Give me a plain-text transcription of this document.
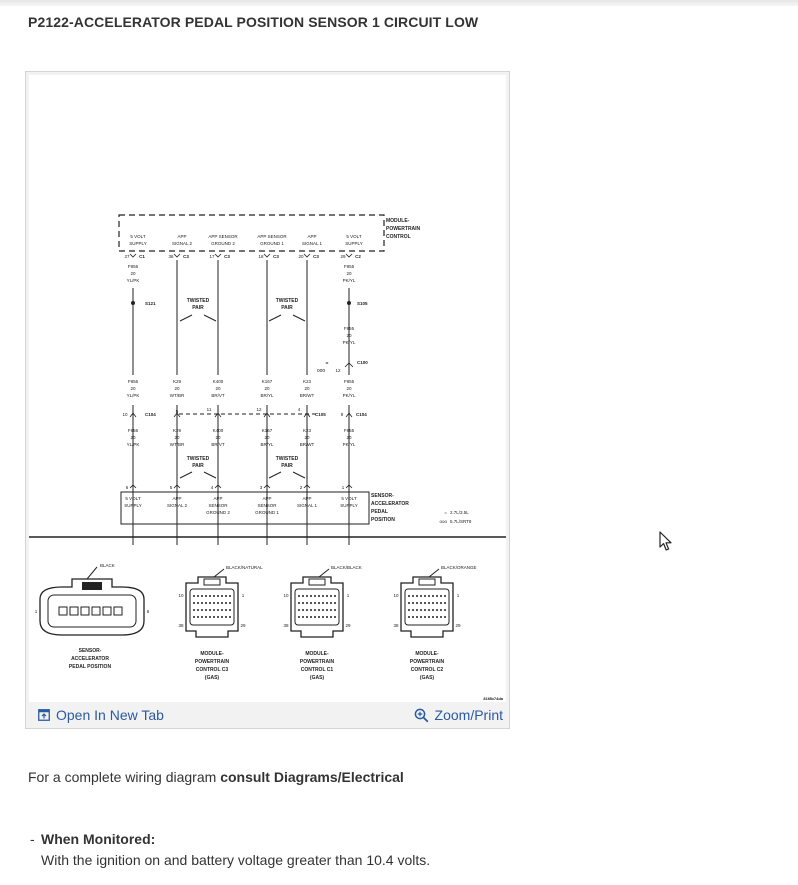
P2122-ACCELERATOR PEDAL POSITION SENSOR 1 CIRCUIT LOW
MODULE-
POWERTRAIN
CONTROL
5 VOLT
SUPPLY
27 C1
F856
20
YL/PK
APP
SIGNAL 2
36 C3
APP SENSOR
GROUND 2
17 C3
APP SENSOR
GROUND 1
18 C3
APP
SIGNAL 1
20 C3
5 VOLT
SUPPLY
29 C2
F855
20
PK/YL
S121	S105
F855
20
PK/YL
TWISTED
PAIR
TWISTED
PAIR
=
ooo 12
C100
F856
20
YL/PK
K29
20
WT/BR
K400
20
BR/VT
K167
20
BR/YL
K23
20
BR/WT
F855
20
PK/YL
10	C104
5	11	12	4
C105	9	C104
F856
20
YL/PK
K29
20
WT/BR
K400
20
BR/VT
K167
20
BR/YL
K23
20
BR/WT
F855
20
PK/YL
TWISTED
PAIR
TWISTED
PAIR
6	5	4	3	2	1
5 VOLT
SUPPLY
APP
SIGNAL 2
APP
SENSOR
GROUND 2
APP
SENSOR
GROUND 1
APP
SIGNAL 1
5 VOLT
SUPPLY
SENSOR-
ACCELERATOR
PEDAL
POSITION
= 2.7L/3.5L
ooo 5.7L/SRT8
1	6
BLACK
SENSOR-
ACCELERATOR
PEDAL POSITION
10	1
38	29
BLACK/NATURAL
MODULE-
POWERTRAIN
CONTROL C3
(GAS)
10	1
38	29
BLACK/BLACK
MODULE-
POWERTRAIN
CONTROL C1
(GAS)
10	1
38	29
BLACK/ORANGE
MODULE-
POWERTRAIN
CONTROL C2
(GAS)
81f8b74da
Open In New Tab	Zoom/Print
For a complete wiring diagram consult Diagrams/Electrical
- When Monitored:
With the ignition on and battery voltage greater than 10.4 volts.
